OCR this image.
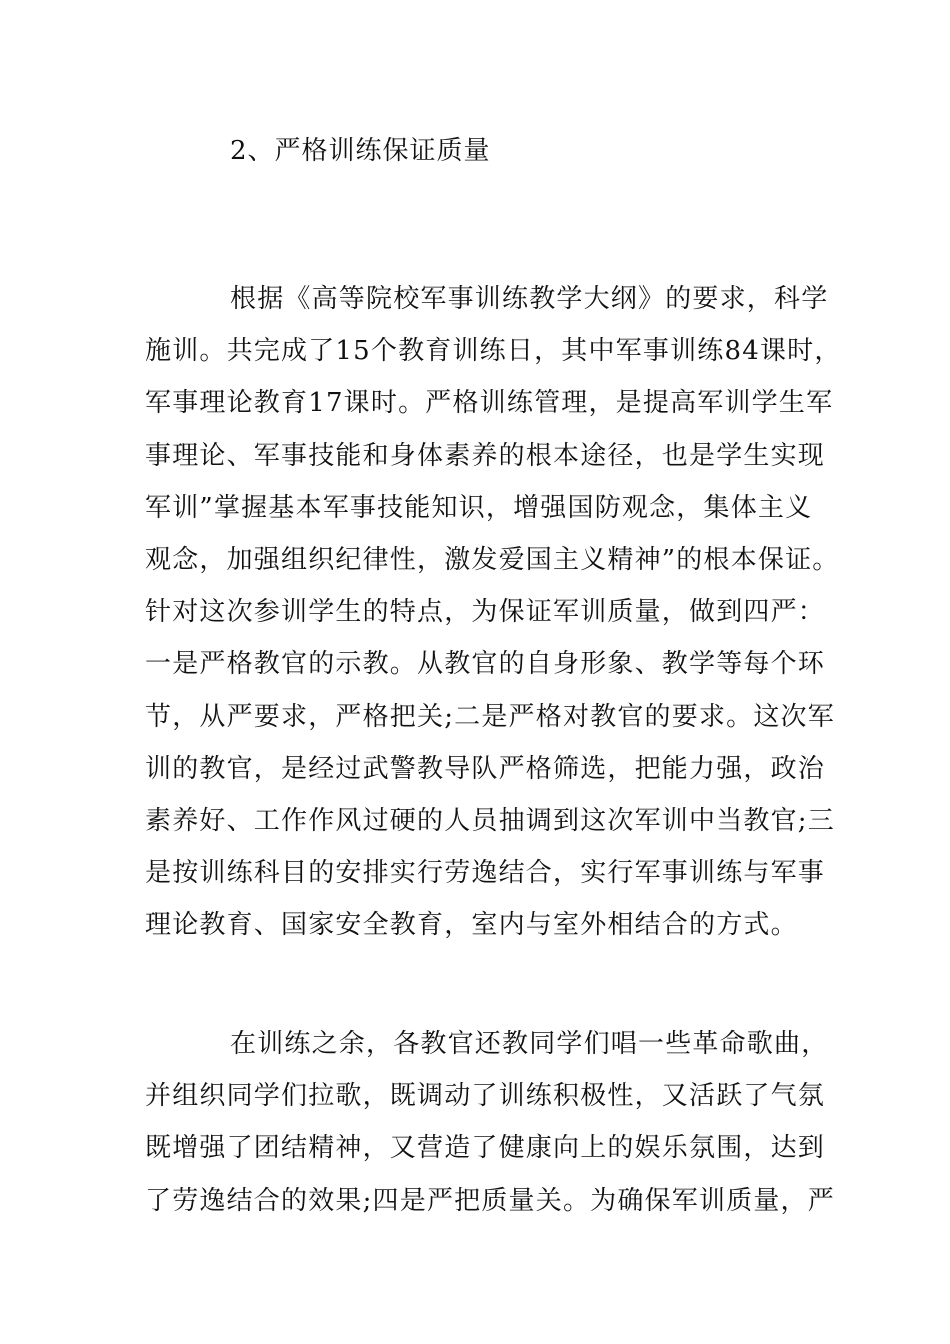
2、严格训练保证质量
根据《高等院校军事训练教学大纲》的要求，科学
施训。共完成了15个教育训练日，其中军事训练84课时，
军事理论教育17课时。严格训练管理，是提高军训学生军
事理论、军事技能和身体素养的根本途径，也是学生实现
军训”掌握基本军事技能知识，增强国防观念，集体主义
观念，加强组织纪律性，激发爱国主义精神”的根本保证。
针对这次参训学生的特点，为保证军训质量，做到四严：
一是严格教官的示教。从教官的自身形象、教学等每个环
节，从严要求，严格把关;二是严格对教官的要求。这次军
训的教官，是经过武警教导队严格筛选，把能力强，政治
素养好、工作作风过硬的人员抽调到这次军训中当教官;三
是按训练科目的安排实行劳逸结合，实行军事训练与军事
理论教育、国家安全教育，室内与室外相结合的方式。
在训练之余，各教官还教同学们唱一些革命歌曲，
并组织同学们拉歌，既调动了训练积极性，又活跃了气氛
既增强了团结精神，又营造了健康向上的娱乐氛围，达到
了劳逸结合的效果;四是严把质量关。为确保军训质量，严
